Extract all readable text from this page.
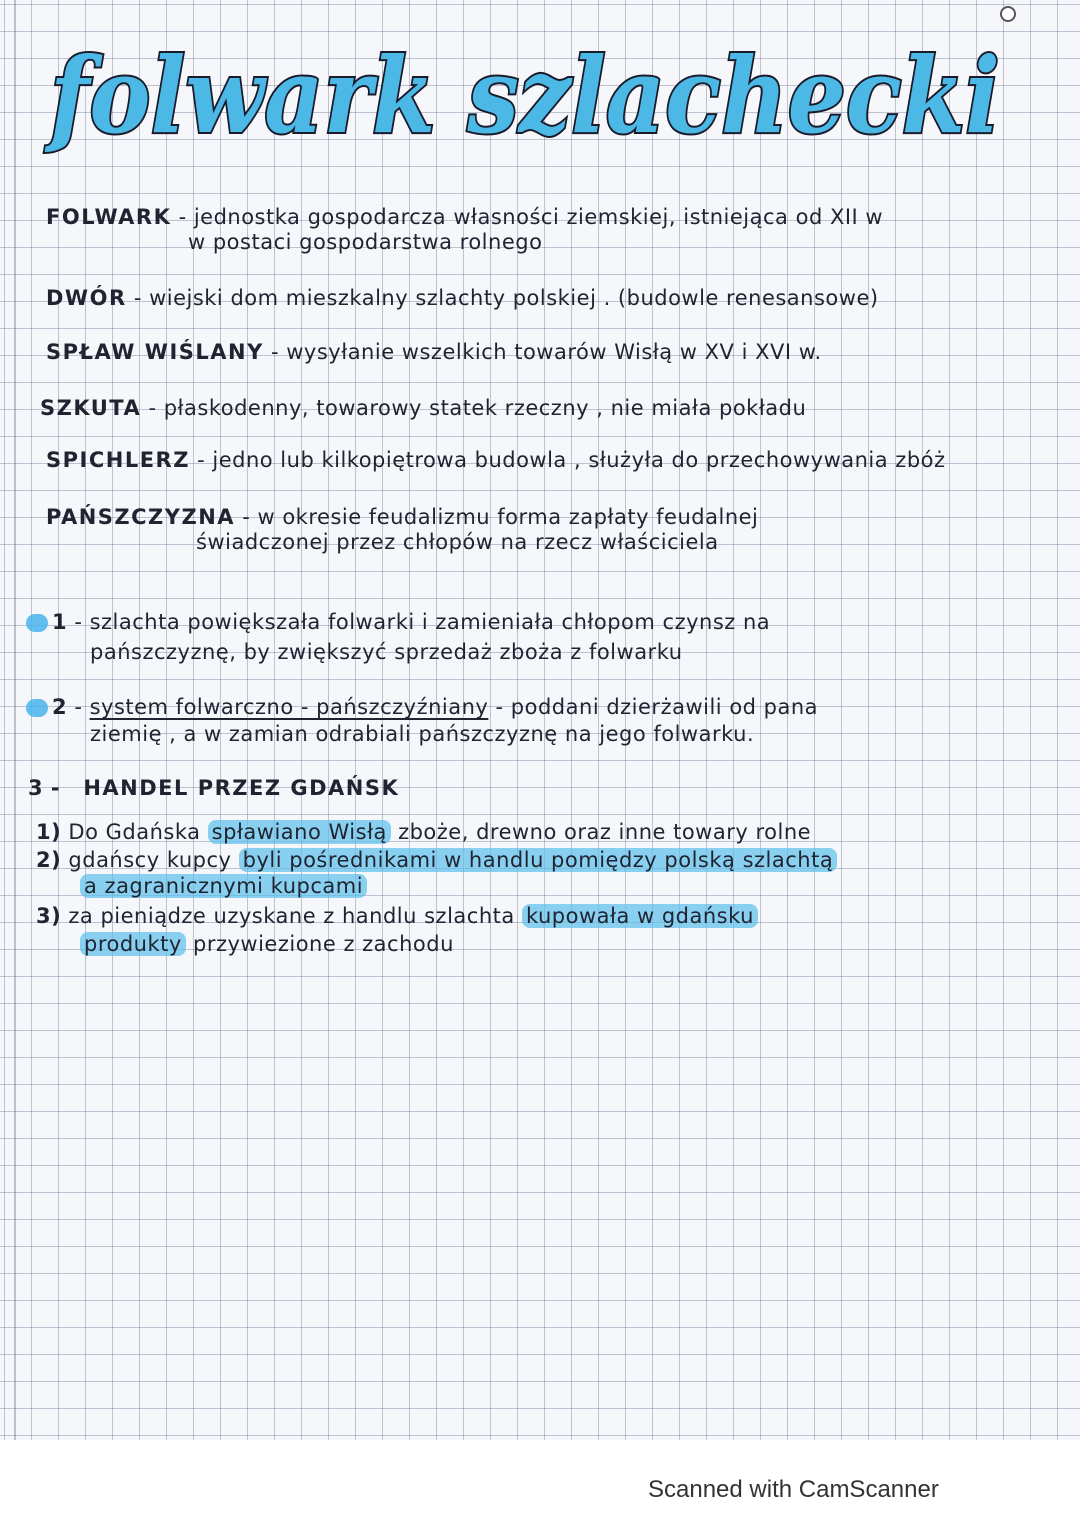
folwark szlachecki
FOLWARK - jednostka gospodarcza własności ziemskiej, istniejąca od XII w
w postaci gospodarstwa rolnego
DWÓR - wiejski dom mieszkalny szlachty polskiej . (budowle renesansowe)
SPŁAW WIŚLANY - wysyłanie wszelkich towarów Wisłą w XV i XVI w.
SZKUTA - płaskodenny, towarowy statek rzeczny , nie miała pokładu
SPICHLERZ - jedno lub kilkopiętrowa budowla , służyła do przechowywania zbóż
PAŃSZCZYZNA - w okresie feudalizmu forma zapłaty feudalnej
świadczonej przez chłopów na rzecz właściciela
1 - szlachta powiększała folwarki i zamieniała chłopom czynsz na
pańszczyznę, by zwiększyć sprzedaż zboża z folwarku
2 - system folwarczno - pańszczyźniany - poddani dzierżawili od pana
ziemię , a w zamian odrabiali pańszczyznę na jego folwarku.
3 - HANDEL PRZEZ GDAŃSK
1) Do Gdańska spławiano Wisłą zboże, drewno oraz inne towary rolne
2) gdańscy kupcy byli pośrednikami w handlu pomiędzy polską szlachtą
a zagranicznymi kupcami
3) za pieniądze uzyskane z handlu szlachta kupowała w gdańsku
produkty przywiezione z zachodu
Scanned with CamScanner
